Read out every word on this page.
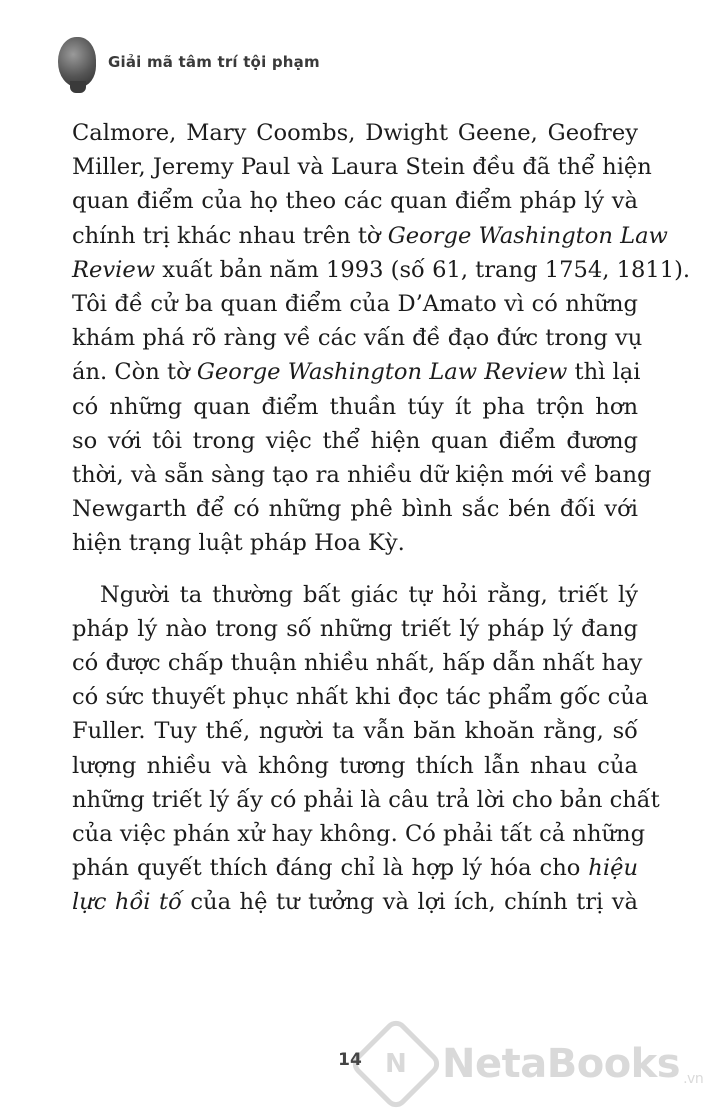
Giải mã tâm trí tội phạm
Calmore, Mary Coombs, Dwight Geene, Geofrey
Miller, Jeremy Paul và Laura Stein đều đã thể hiện
quan điểm của họ theo các quan điểm pháp lý và
chính trị khác nhau trên tờ George Washington Law
Review xuất bản năm 1993 (số 61, trang 1754, 1811).
Tôi đề cử ba quan điểm của D’Amato vì có những
khám phá rõ ràng về các vấn đề đạo đức trong vụ
án. Còn tờ George Washington Law Review thì lại
có những quan điểm thuần túy ít pha trộn hơn
so với tôi trong việc thể hiện quan điểm đương
thời, và sẵn sàng tạo ra nhiều dữ kiện mới về bang
Newgarth để có những phê bình sắc bén đối với
hiện trạng luật pháp Hoa Kỳ.
Người ta thường bất giác tự hỏi rằng, triết lý
pháp lý nào trong số những triết lý pháp lý đang
có được chấp thuận nhiều nhất, hấp dẫn nhất hay
có sức thuyết phục nhất khi đọc tác phẩm gốc của
Fuller. Tuy thế, người ta vẫn băn khoăn rằng, số
lượng nhiều và không tương thích lẫn nhau của
những triết lý ấy có phải là câu trả lời cho bản chất
của việc phán xử hay không. Có phải tất cả những
phán quyết thích đáng chỉ là hợp lý hóa cho hiệu
lực hồi tố của hệ tư tưởng và lợi ích, chính trị và
14 N NetaBooks .vn
